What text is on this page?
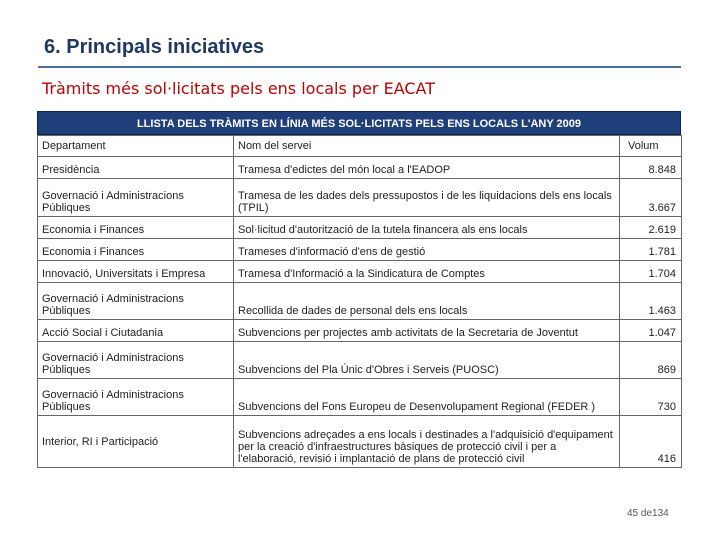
6. Principals iniciatives
Tràmits més sol·licitats pels ens locals per EACAT
LLISTA DELS TRÀMITS EN LÍNIA MÉS SOL·LICITATS PELS ENS LOCALS L'ANY 2009
Departament	Nom del servei	Volum
Presidència	Tramesa d'edictes del món local a l'EADOP	8.848
Governació i Administracions Públiques	Tramesa de les dades dels pressupostos i de les liquidacions dels ens locals (TPIL)	3.667
Economia i Finances	Sol·licitud d'autorització de la tutela financera als ens locals	2.619
Economia i Finances	Trameses d'informació d'ens de gestió	1.781
Innovació, Universitats i Empresa	Tramesa d'Informació a la Sindicatura de Comptes	1.704
Governació i Administracions Públiques	Recollida de dades de personal dels ens locals	1.463
Acció Social i Ciutadania	Subvencions per projectes amb activitats de la Secretaria de Joventut	1.047
Governació i Administracions Públiques	Subvencions del Pla Únic d'Obres i Serveis (PUOSC)	869
Governació i Administracions Públiques	Subvencions del Fons Europeu de Desenvolupament Regional (FEDER )	730
Interior, RI i Participació	Subvencions adreçades a ens locals i destinades a l'adquisició d'equipament per la creació d'infraestructures bàsiques de protecció civil i per a l'elaboració, revisió i implantació de plans de protecció civil	416
45 de134
